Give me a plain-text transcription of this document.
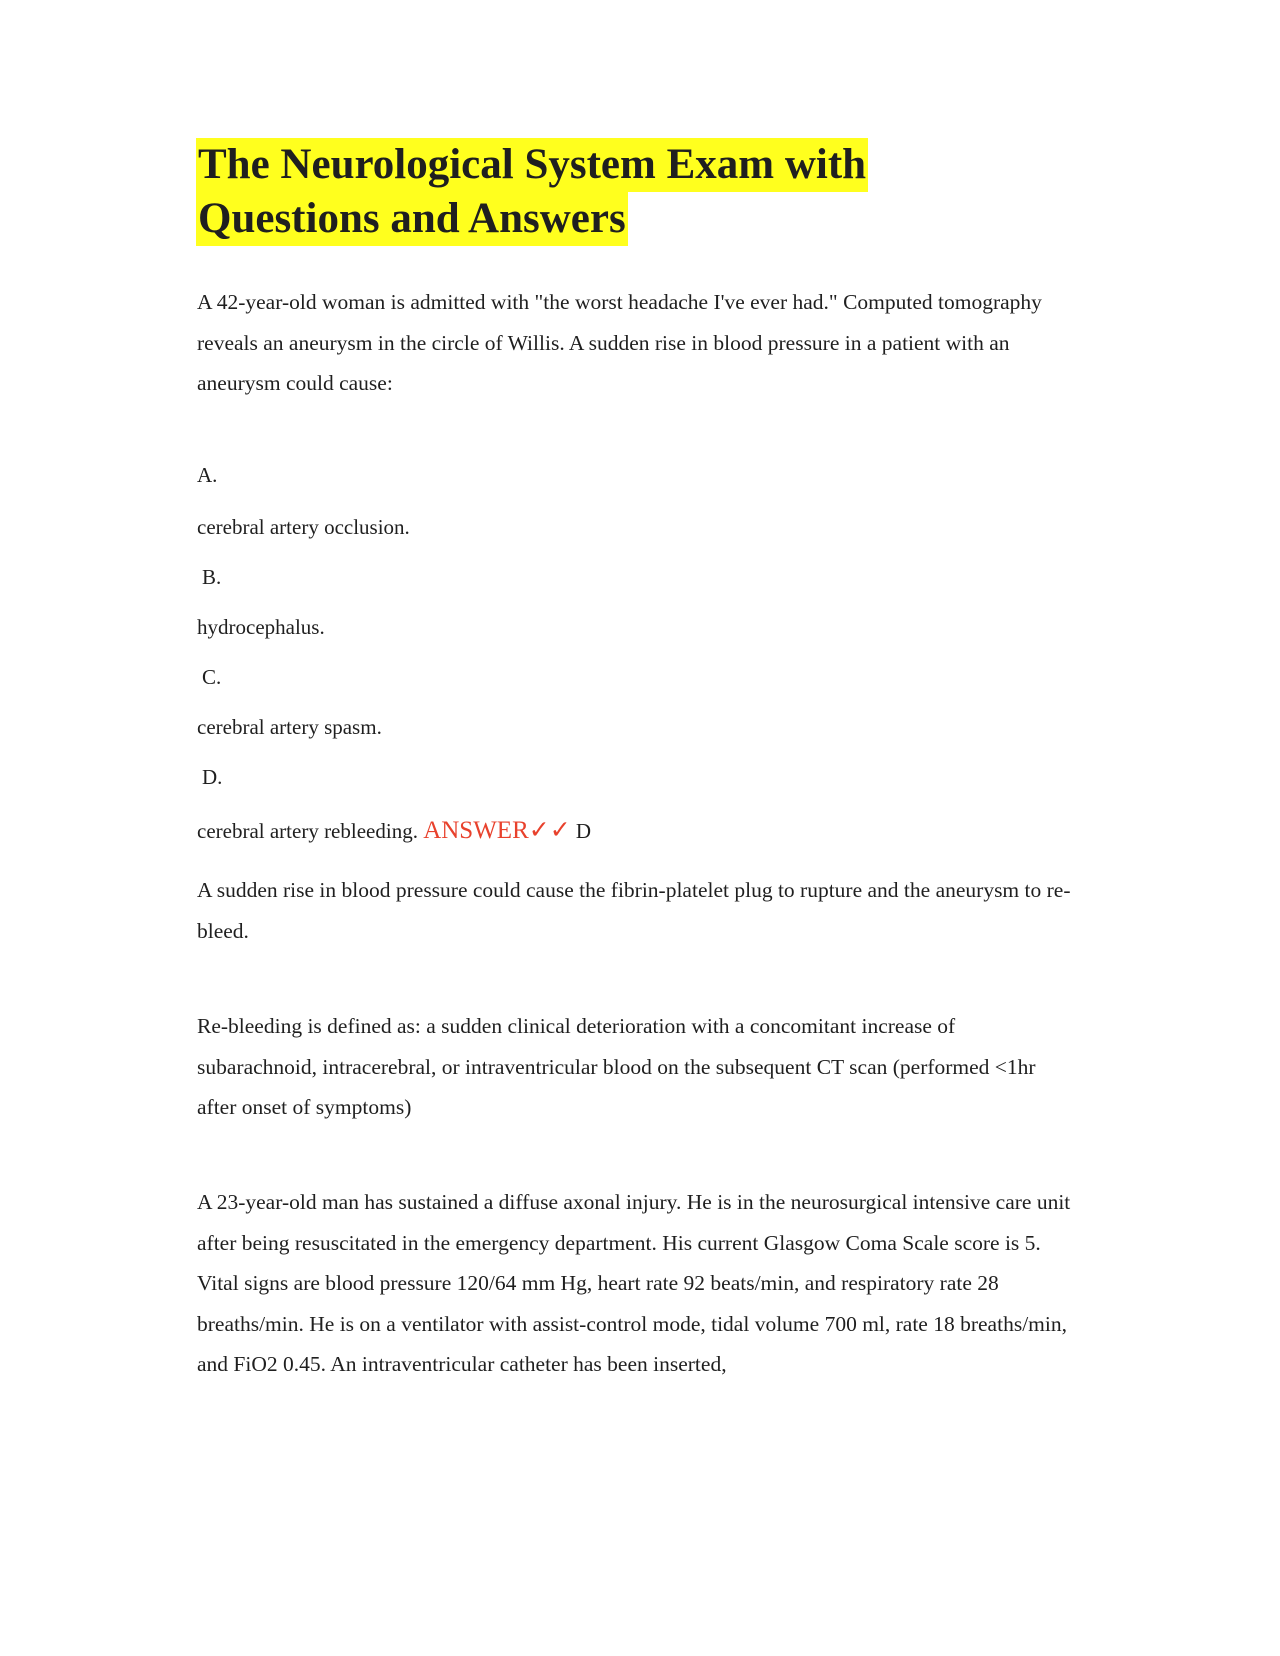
The Neurological System Exam with
Questions and Answers
A 42-year-old woman is admitted with "the worst headache I've ever had." Computed tomography reveals an aneurysm in the circle of Willis. A sudden rise in blood pressure in a patient with an aneurysm could cause:
A.
cerebral artery occlusion.
B.
hydrocephalus.
C.
cerebral artery spasm.
D.
cerebral artery rebleeding. ANSWER✓✓ D
A sudden rise in blood pressure could cause the fibrin-platelet plug to rupture and the aneurysm to re-bleed.
Re-bleeding is defined as: a sudden clinical deterioration with a concomitant increase of subarachnoid, intracerebral, or intraventricular blood on the subsequent CT scan (performed <1hr after onset of symptoms)
A 23-year-old man has sustained a diffuse axonal injury. He is in the neurosurgical intensive care unit after being resuscitated in the emergency department. His current Glasgow Coma Scale score is 5. Vital signs are blood pressure 120/64 mm Hg, heart rate 92 beats/min, and respiratory rate 28 breaths/min. He is on a ventilator with assist-control mode, tidal volume 700 ml, rate 18 breaths/min, and FiO2 0.45. An intraventricular catheter has been inserted,
